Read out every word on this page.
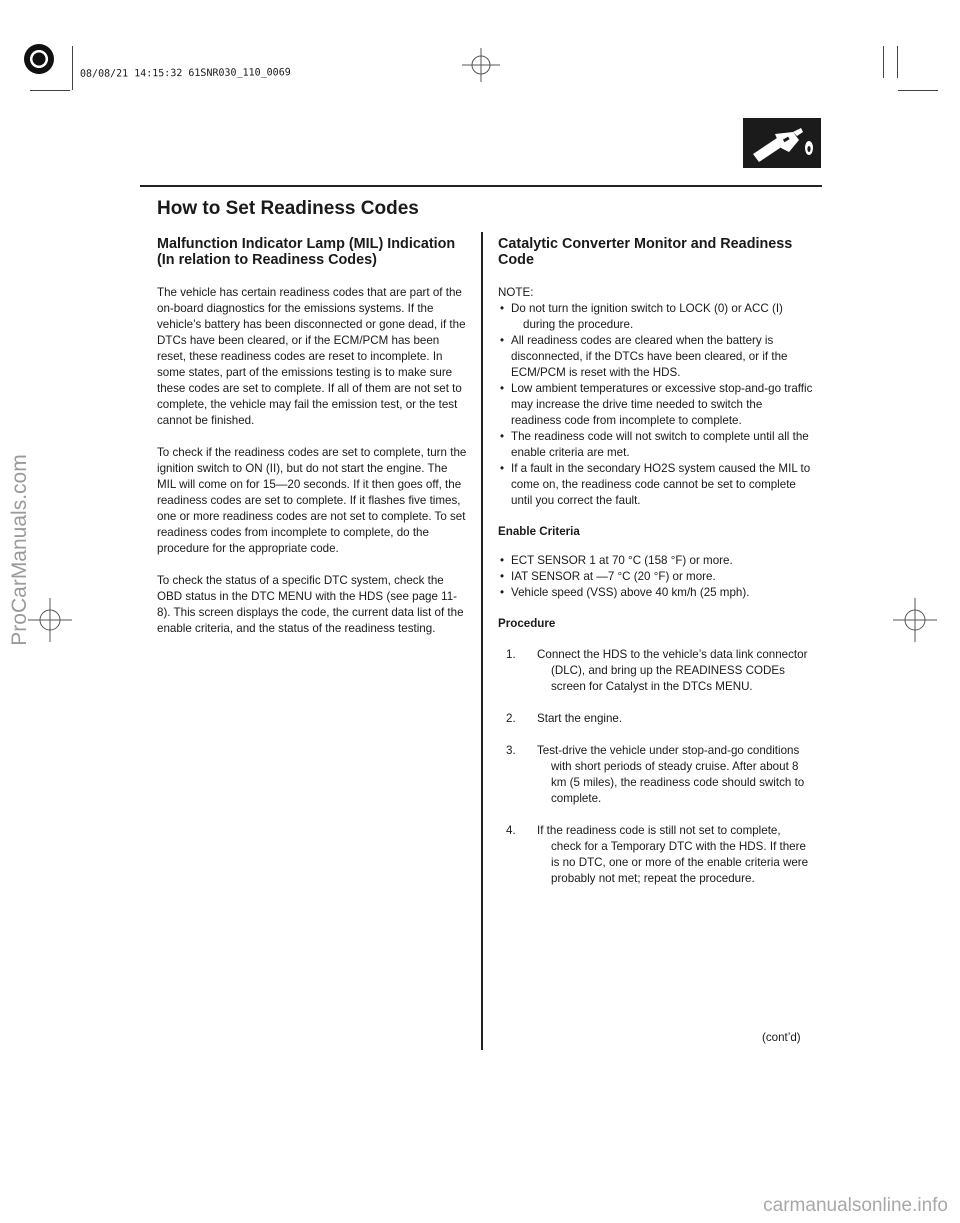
08/08/21 14:15:32 61SNR030_110_0069
How to Set Readiness Codes
Malfunction Indicator Lamp (MIL) Indication
(In relation to Readiness Codes)

The vehicle has certain readiness codes that are part of the on-board diagnostics for the emissions systems. If the vehicle’s battery has been disconnected or gone dead, if the DTCs have been cleared, or if the ECM/PCM has been reset, these readiness codes are reset to incomplete. In some states, part of the emissions testing is to make sure these codes are set to complete. If all of them are not set to complete, the vehicle may fail the emission test, or the test cannot be finished.

To check if the readiness codes are set to complete, turn the ignition switch to ON (II), but do not start the engine. The MIL will come on for 15—20 seconds. If it then goes off, the readiness codes are set to complete. If it flashes five times, one or more readiness codes are not set to complete. To set readiness codes from incomplete to complete, do the procedure for the appropriate code.

To check the status of a specific DTC system, check the OBD status in the DTC MENU with the HDS (see page 11-8). This screen displays the code, the current data list of the enable criteria, and the status of the readiness testing.

Catalytic Converter Monitor and Readiness
Code

NOTE:

• Do not turn the ignition switch to LOCK (0) or ACC (I) during the procedure.
• All readiness codes are cleared when the battery is disconnected, if the DTCs have been cleared, or if the ECM/PCM is reset with the HDS.
• Low ambient temperatures or excessive stop-and-go traffic may increase the drive time needed to switch the readiness code from incomplete to complete.
• The readiness code will not switch to complete until all the enable criteria are met.
• If a fault in the secondary HO2S system caused the MIL to come on, the readiness code cannot be set to complete until you correct the fault.

Enable Criteria

• ECT SENSOR 1 at 70 °C (158 °F) or more.
• IAT SENSOR at —7 °C (20 °F) or more.
• Vehicle speed (VSS) above 40 km/h (25 mph).

Procedure

1. Connect the HDS to the vehicle’s data link connector (DLC), and bring up the READINESS CODEs screen for Catalyst in the DTCs MENU.
2. Start the engine.
3. Test-drive the vehicle under stop-and-go conditions with short periods of steady cruise. After about 8 km (5 miles), the readiness code should switch to complete.
4. If the readiness code is still not set to complete, check for a Temporary DTC with the HDS. If there is no DTC, one or more of the enable criteria were probably not met; repeat the procedure.
(cont’d)
ProCarManuals.com
carmanualsonline.info
